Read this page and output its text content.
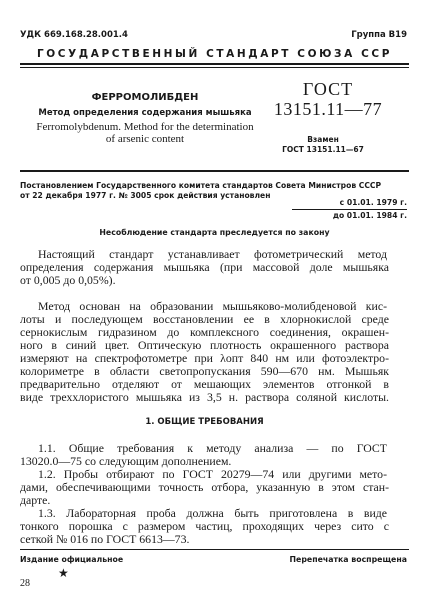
УДК 669.168.28.001.4	Группа В19
ГОСУДАРСТВЕННЫЙ СТАНДАРТ СОЮЗА ССР
ФЕРРОМОЛИБДЕН
Метод определения содержания мышьяка
Ferromolybdenum. Method for the determination
of arsenic content
ГОСТ
13151.11—77
Взамен
ГОСТ 13151.11—67
Постановлением Государственного комитета стандартов Совета Министров СССР
от 22 декабря 1977 г. № 3005 срок действия установлен
с 01.01. 1979 г.
до 01.01. 1984 г.
Несоблюдение стандарта преследуется по закону
Настоящий стандарт устанавливает фотометрический метод
определения содержания мышьяка (при массовой доле мышьяка
от 0,005 до 0,05%).
Метод основан на образовании мышьяково-молибденовой кис-
лоты и последующем восстановлении ее в хлорнокислой среде
сернокислым гидразином до комплексного соединения, окрашен-
ного в синий цвет. Оптическую плотность окрашенного раствора
измеряют на спектрофотометре при λопт 840 нм или фотоэлектро-
колориметре в области светопропускания 590—670 нм. Мышьяк
предварительно отделяют от мешающих элементов отгонкой в
виде треххлористого мышьяка из 3,5 н. раствора соляной кислоты.
1. ОБЩИЕ ТРЕБОВАНИЯ
1.1. Общие требования к методу анализа — по ГОСТ
13020.0—75 со следующим дополнением.
1.2. Пробы отбирают по ГОСТ 20279—74 или другими мето-
дами, обеспечивающими точность отбора, указанную в этом стан-
дарте.
1.3. Лабораторная проба должна быть приготовлена в виде
тонкого порошка с размером частиц, проходящих через сито с
сеткой № 016 по ГОСТ 6613—73.
Издание официальное	Перепечатка воспрещена
★
28
